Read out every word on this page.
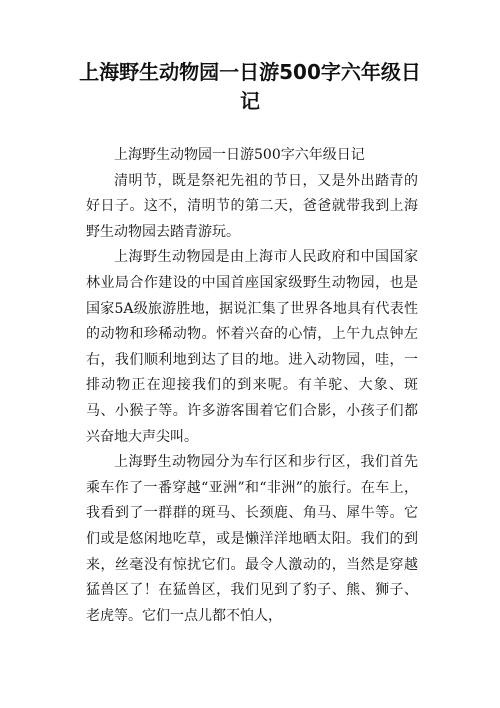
上海野生动物园一日游500字六年级日记

上海野生动物园一日游500字六年级日记

清明节，既是祭祀先祖的节日，又是外出踏青的好日子。这不，清明节的第二天，爸爸就带我到上海野生动物园去踏青游玩。

上海野生动物园是由上海市人民政府和中国国家林业局合作建设的中国首座国家级野生动物园，也是国家5A级旅游胜地，据说汇集了世界各地具有代表性的动物和珍稀动物。怀着兴奋的心情，上午九点钟左右，我们顺利地到达了目的地。进入动物园，哇，一排动物正在迎接我们的到来呢。有羊驼、大象、斑马、小猴子等。许多游客围着它们合影，小孩子们都兴奋地大声尖叫。

上海野生动物园分为车行区和步行区，我们首先乘车作了一番穿越“亚洲”和“非洲”的旅行。在车上，我看到了一群群的斑马、长颈鹿、角马、犀牛等。它们或是悠闲地吃草，或是懒洋洋地晒太阳。我们的到来，丝毫没有惊扰它们。最令人激动的，当然是穿越猛兽区了！在猛兽区，我们见到了豹子、熊、狮子、老虎等。它们一点儿都不怕人，
